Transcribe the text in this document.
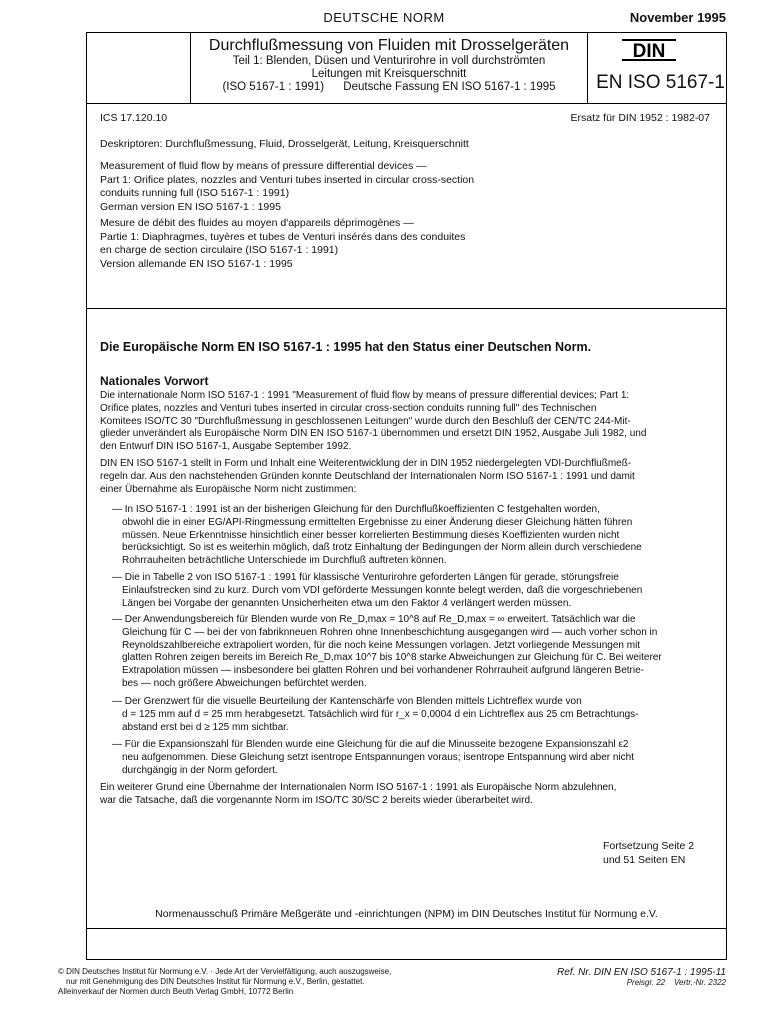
DEUTSCHE NORM	November 1995
Durchflußmessung von Fluiden mit Drosselgeräten
Teil 1: Blenden, Düsen und Venturirohre in voll durchströmten
Leitungen mit Kreisquerschnitt
(ISO 5167-1 : 1991)      Deutsche Fassung EN ISO 5167-1 : 1995
DIN
EN ISO 5167-1
ICS 17.120.10	Ersatz für DIN 1952 : 1982-07
Deskriptoren: Durchflußmessung, Fluid, Drosselgerät, Leitung, Kreisquerschnitt

Measurement of fluid flow by means of pressure differential devices —

Part 1: Orifice plates, nozzles and Venturi tubes inserted in circular cross-section

conduits running full (ISO 5167-1 : 1991)

German version EN ISO 5167-1 : 1995

Mesure de débit des fluides au moyen d'appareils déprimogènes —

Partie 1: Diaphragmes, tuyères et tubes de Venturi insérés dans des conduites

en charge de section circulaire (ISO 5167-1 : 1991)

Version allemande EN ISO 5167-1 : 1995

Die Europäische Norm EN ISO 5167-1 : 1995 hat den Status einer Deutschen Norm.
Nationales Vorwort

Die internationale Norm ISO 5167-1 : 1991 "Measurement of fluid flow by means of pressure differential devices; Part 1:

Orifice plates, nozzles and Venturi tubes inserted in circular cross-section conduits running full" des Technischen

Komitees ISO/TC 30 "Durchflußmessung in geschlossenen Leitungen" wurde durch den Beschluß der CEN/TC 244-Mit-

glieder unverändert als Europäische Norm DIN EN ISO 5167-1 übernommen und ersetzt DIN 1952, Ausgabe Juli 1982, und

den Entwurf DIN ISO 5167-1, Ausgabe September 1992.

DIN EN ISO 5167-1 stellt in Form und Inhalt eine Weiterentwicklung der in DIN 1952 niedergelegten VDI-Durchflußmeß-

regeln dar. Aus den nachstehenden Gründen konnte Deutschland der Internationalen Norm ISO 5167-1 : 1991 und damit

einer Übernahme als Europäische Norm nicht zustimmen:

— In ISO 5167-1 : 1991 ist an der bisherigen Gleichung für den Durchflußkoeffizienten C festgehalten worden,

obwohl die in einer EG/API-Ringmessung ermittelten Ergebnisse zu einer Änderung dieser Gleichung hätten führen

müssen. Neue Erkenntnisse hinsichtlich einer besser korrelierten Bestimmung dieses Koeffizienten wurden nicht

berücksichtigt. So ist es weiterhin möglich, daß trotz Einhaltung der Bedingungen der Norm allein durch verschiedene

Rohrrauheiten beträchtliche Unterschiede im Durchfluß auftreten können.

— Die in Tabelle 2 von ISO 5167-1 : 1991 für klassische Venturirohre geforderten Längen für gerade, störungsfreie

Einlaufstrecken sind zu kurz. Durch vom VDI geförderte Messungen konnte belegt werden, daß die vorgeschriebenen

Längen bei Vorgabe der genannten Unsicherheiten etwa um den Faktor 4 verlängert werden müssen.

— Der Anwendungsbereich für Blenden wurde von Re_D,max = 10^8 auf Re_D,max = ∞ erweitert. Tatsächlich war die

Gleichung für C — bei der von fabriknneuen Rohren ohne Innenbeschichtung ausgegangen wird — auch vorher schon in

Reynoldszahlbereiche extrapoliert worden, für die noch keine Messungen vorlagen. Jetzt vorliegende Messungen mit

glatten Rohren zeigen bereits im Bereich Re_D,max 10^7 bis 10^8 starke Abweichungen zur Gleichung für C. Bei weiterer

Extrapolation müssen — insbesondere bei glatten Rohren und bei vorhandener Rohrrauheit aufgrund längeren Betrie-

bes — noch größere Abweichungen befürchtet werden.

— Der Grenzwert für die visuelle Beurteilung der Kantenschärfe von Blenden mittels Lichtreflex wurde von

d = 125 mm auf d = 25 mm herabgesetzt. Tatsächlich wird für r_x = 0,0004 d ein Lichtreflex aus 25 cm Betrachtungs-

abstand erst bei d ≥ 125 mm sichtbar.

— Für die Expansionszahl für Blenden wurde eine Gleichung für die auf die Minusseite bezogene Expansionszahl ε2

neu aufgenommen. Diese Gleichung setzt isentrope Entspannungen voraus; isentrope Entspannung wird aber nicht

durchgängig in der Norm gefordert.

Ein weiterer Grund eine Übernahme der Internationalen Norm ISO 5167-1 : 1991 als Europäische Norm abzulehnen,

war die Tatsache, daß die vorgenannte Norm im ISO/TC 30/SC 2 bereits wieder überarbeitet wird.

Fortsetzung Seite 2

und 51 Seiten EN

Normenausschuß Primäre Meßgeräte und -einrichtungen (NPM) im DIN Deutsches Institut für Normung e.V.

© DIN Deutsches Institut für Normung e.V. · Jede Art der Vervielfältigung, auch auszugsweise,

nur mit Genehmigung des DIN Deutsches Institut für Normung e.V., Berlin, gestattet.

Alleinverkauf der Normen durch Beuth Verlag GmbH, 10772 Berlin

Ref. Nr. DIN EN ISO 5167-1 : 1995-11

Preisgr. 22 Vertr.-Nr. 2322
